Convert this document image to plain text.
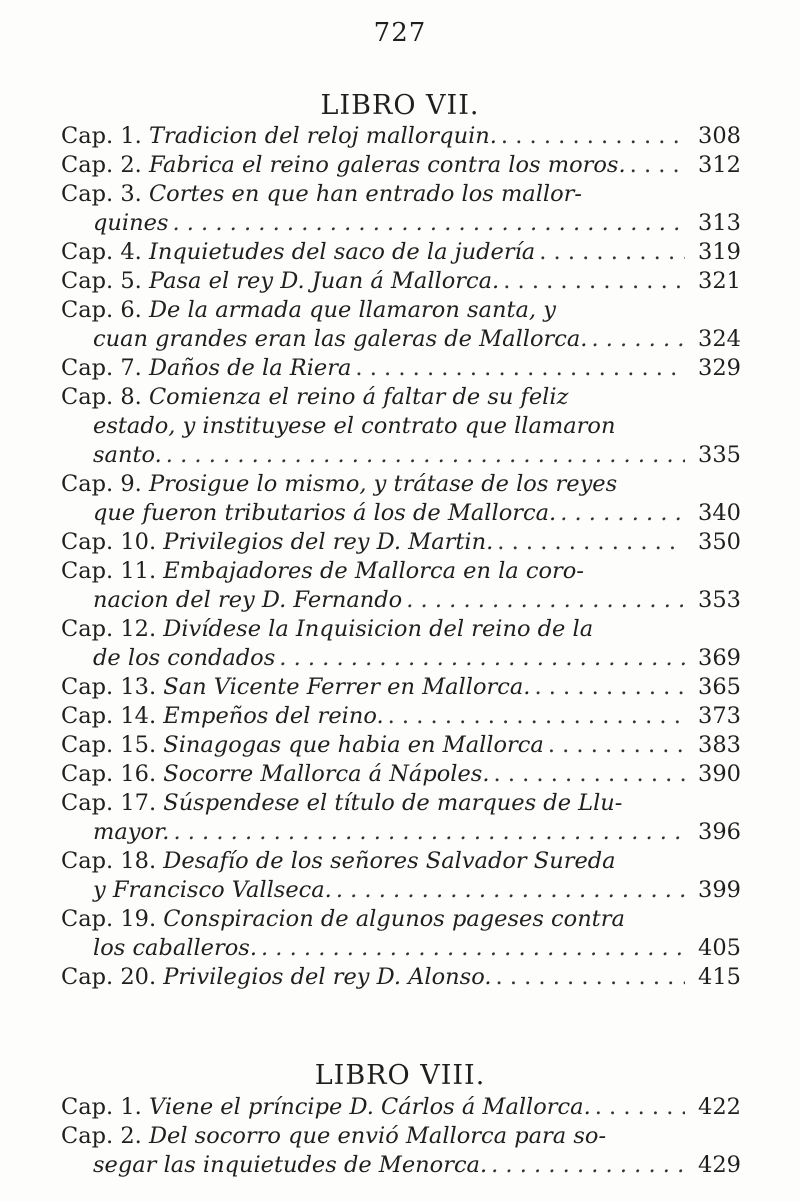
727
LIBRO VII.
Cap. 1.
Tradicion del reloj mallorquin. . . .	308
Cap. 2.
Fabrica el reino galeras contra los moros. . . .	312
Cap. 3.
Cortes en que han entrado los mallor-
quines . . .	313
Cap. 4.
Inquietudes del saco de la judería . . .	319
Cap. 5.
Pasa el rey D. Juan á Mallorca. . . .	321
Cap. 6.
De la armada que llamaron santa, y
cuan grandes eran las galeras de Mallorca. . . .	324
Cap. 7.
Daños de la Riera . . .	329
Cap. 8.
Comienza el reino á faltar de su feliz
estado, y instituyese el contrato que llamaron
santo. . . .	335
Cap. 9.
Prosigue lo mismo, y trátase de los reyes
que fueron tributarios á los de Mallorca. . . .	340
Cap. 10.
Privilegios del rey D. Martin. . . .	350
Cap. 11.
Embajadores de Mallorca en la coro-
nacion del rey D. Fernando . . .	353
Cap. 12.
Divídese la Inquisicion del reino de la
de los condados . . .	369
Cap. 13.
San Vicente Ferrer en Mallorca. . . .	365
Cap. 14.
Empeños del reino. . . .	373
Cap. 15.
Sinagogas que habia en Mallorca . . .	383
Cap. 16.
Socorre Mallorca á Nápoles. . . .	390
Cap. 17.
Súspendese el título de marques de Llu-
mayor. . . .	396
Cap. 18.
Desafío de los señores Salvador Sureda
y Francisco Vallseca. . . .	399
Cap. 19.
Conspiracion de algunos pageses contra
los caballeros. . . .	405
Cap. 20.
Privilegios del rey D. Alonso. . . .	415
LIBRO VIII.
Cap. 1.
Viene el príncipe D. Cárlos á Mallorca. . . .	422
Cap. 2.
Del socorro que envió Mallorca para so-
segar las inquietudes de Menorca. . . .	429
